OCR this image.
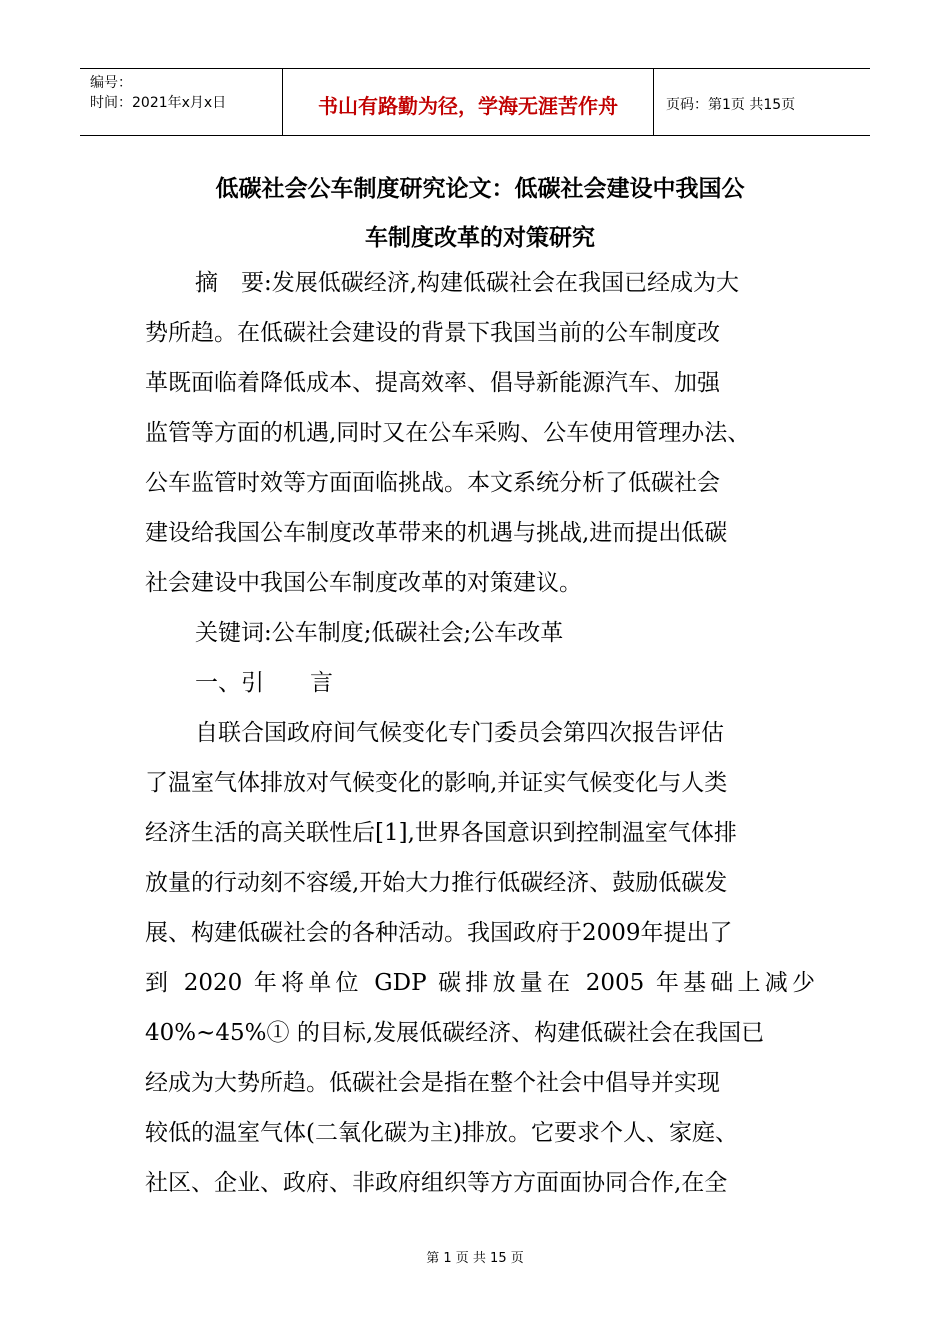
编号：
时间：2021年x月x日	书山有路勤为径，学海无涯苦作舟	页码：第1页 共15页
低碳社会公车制度研究论文：低碳社会建设中我国公
车制度改革的对策研究
摘　要:发展低碳经济,构建低碳社会在我国已经成为大
势所趋。在低碳社会建设的背景下我国当前的公车制度改
革既面临着降低成本、提高效率、倡导新能源汽车、加强
监管等方面的机遇,同时又在公车采购、公车使用管理办法、
公车监管时效等方面面临挑战。本文系统分析了低碳社会
建设给我国公车制度改革带来的机遇与挑战,进而提出低碳
社会建设中我国公车制度改革的对策建议。
关键词:公车制度;低碳社会;公车改革
一、引　　言
自联合国政府间气候变化专门委员会第四次报告评估
了温室气体排放对气候变化的影响,并证实气候变化与人类
经济生活的高关联性后[1],世界各国意识到控制温室气体排
放量的行动刻不容缓,开始大力推行低碳经济、鼓励低碳发
展、构建低碳社会的各种活动。我国政府于2009年提出了
到 2020 年将单位 GDP 碳排放量在 2005 年基础上减少
40%~45%① 的目标,发展低碳经济、构建低碳社会在我国已
经成为大势所趋。低碳社会是指在整个社会中倡导并实现
较低的温室气体(二氧化碳为主)排放。它要求个人、家庭、
社区、企业、政府、非政府组织等方方面面协同合作,在全
第 1 页 共 15 页
